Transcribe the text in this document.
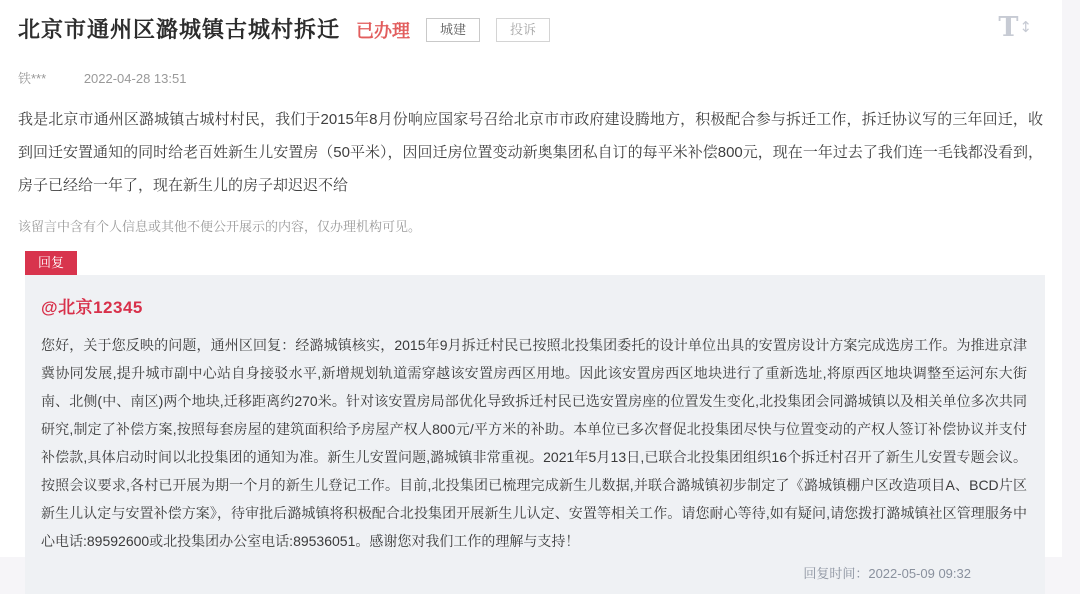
北京市通州区潞城镇古城村拆迁 已办理	城建	投诉	T↕
铁***	2022-04-28 13:51
我是北京市通州区潞城镇古城村村民，我们于2015年8月份响应国家号召给北京市市政府建设腾地方，积极配合参与拆迁工作，拆迁协议写的三年回迁，收到回迁安置通知的同时给老百姓新生儿安置房（50平米），因回迁房位置变动新奥集团私自订的每平米补偿800元，现在一年过去了我们连一毛钱都没看到，房子已经给一年了，现在新生儿的房子却迟迟不给
该留言中含有个人信息或其他不便公开展示的内容，仅办理机构可见。
回复
@北京12345
您好，关于您反映的问题，通州区回复：经潞城镇核实，2015年9月拆迁村民已按照北投集团委托的设计单位出具的安置房设计方案完成选房工作。为推进京津冀协同发展,提升城市副中心站自身接驳水平,新增规划轨道需穿越该安置房西区用地。因此该安置房西区地块进行了重新选址,将原西区地块调整至运河东大街南、北侧(中、南区)两个地块,迁移距离约270米。针对该安置房局部优化导致拆迁村民已选安置房座的位置发生变化,北投集团会同潞城镇以及相关单位多次共同研究,制定了补偿方案,按照每套房屋的建筑面积给予房屋产权人800元/平方米的补助。本单位已多次督促北投集团尽快与位置变动的产权人签订补偿协议并支付补偿款,具体启动时间以北投集团的通知为准。新生儿安置问题,潞城镇非常重视。2021年5月13日,已联合北投集团组织16个拆迁村召开了新生儿安置专题会议。按照会议要求,各村已开展为期一个月的新生儿登记工作。目前,北投集团已梳理完成新生儿数据,并联合潞城镇初步制定了《潞城镇棚户区改造项目A、BCD片区新生儿认定与安置补偿方案》，待审批后潞城镇将积极配合北投集团开展新生儿认定、安置等相关工作。请您耐心等待,如有疑问,请您拨打潞城镇社区管理服务中心电话:89592600或北投集团办公室电话:89536051。感谢您对我们工作的理解与支持！
回复时间：2022-05-09 09:32
